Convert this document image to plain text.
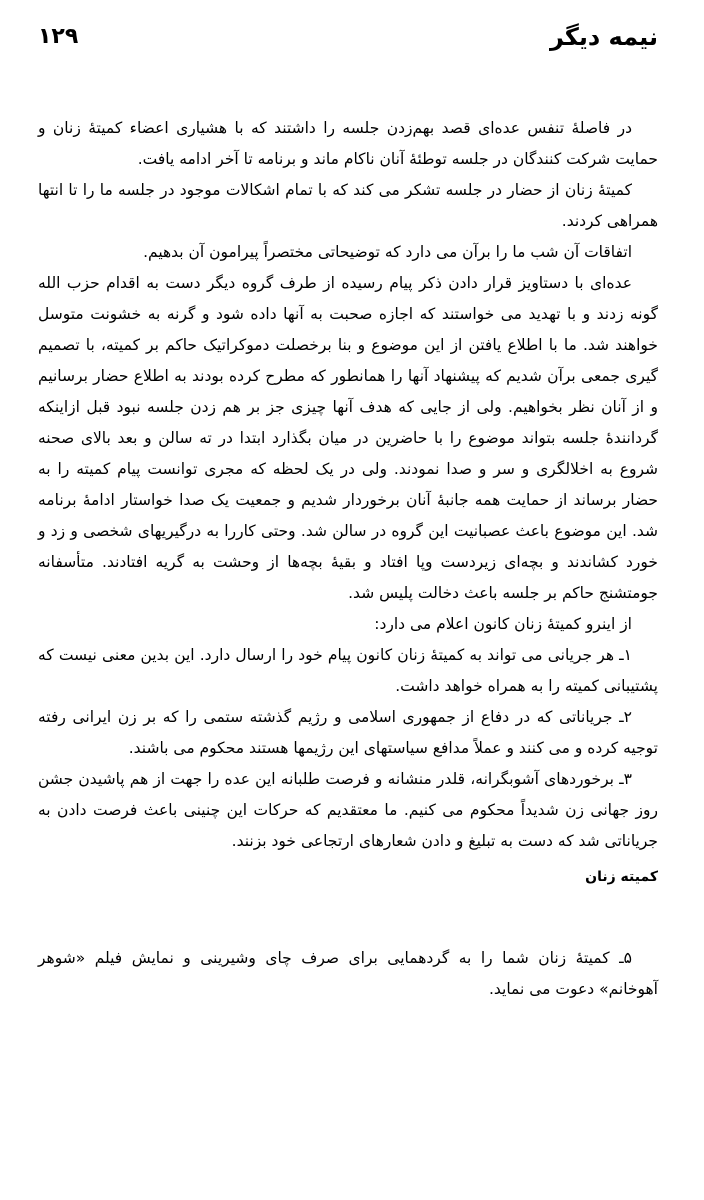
نیمه دیگر
۱۲۹

در فاصلهٔ تنفس عده‌ای قصد بهم‌زدن جلسه را داشتند که با هشیاری اعضاء کمیتهٔ زنان و حمایت شرکت کنندگان در جلسه توطئهٔ آنان ناکام ماند و برنامه تا آخر ادامه یافت.

کمیتهٔ زنان از حضار در جلسه تشکر می کند که با تمام اشکالات موجود در جلسه ما را تا انتها همراهی کردند.

اتفاقات آن شب ما را برآن می دارد که توضیحاتی مختصراً پیرامون آن بدهیم.

عده‌ای با دستاویز قرار دادن ذکر پیام رسیده از طرف گروه دیگر دست به اقدام حزب الله گونه زدند و با تهدید می خواستند که اجازه صحبت به آنها داده شود و گرنه به خشونت متوسل خواهند شد. ما با اطلاع یافتن از این موضوع و بنا برخصلت دموکراتیک حاکم بر کمیته، با تصمیم گیری جمعی برآن شدیم که پیشنهاد آنها را همانطور که مطرح کرده بودند به اطلاع حضار برسانیم و از آنان نظر بخواهیم. ولی از جایی که هدف آنها چیزی جز بر هم زدن جلسه نبود قبل ازاینکه گردانندهٔ جلسه بتواند موضوع را با حاضرین در میان بگذارد ابتدا در ته سالن و بعد بالای صحنه شروع به اخلالگری و سر و صدا نمودند. ولی در یک لحظه که مجری توانست پیام کمیته را به حضار برساند از حمایت همه جانبهٔ آنان برخوردار شدیم و جمعیت یک صدا خواستار ادامهٔ برنامه شد. این موضوع باعث عصبانیت این گروه در سالن شد. وحتی کاررا به درگیریهای شخصی و زد و خورد کشاندند و بچه‌ای زیردست وپا افتاد و بقیهٔ بچه‌ها از وحشت به گریه افتادند. متأسفانه جومتشنج حاکم بر جلسه باعث دخالت پلیس شد.

از اینرو کمیتهٔ زنان کانون اعلام می دارد:

۱ـ هر جریانی می تواند به کمیتهٔ زنان کانون پیام خود را ارسال دارد. این بدین معنی نیست که پشتیبانی کمیته را به همراه خواهد داشت.

۲ـ جریاناتی که در دفاع از جمهوری اسلامی و رژیم گذشته ستمی را که بر زن ایرانی رفته توجیه کرده و می کنند و عملاً مدافع سیاستهای این رژیمها هستند محکوم می باشند.

۳ـ برخوردهای آشوبگرانه، قلدر منشانه و فرصت طلبانه این عده را جهت از هم پاشیدن جشن روز جهانی زن شدیداً محکوم می کنیم. ما معتقدیم که حرکات این چنینی باعث فرصت دادن به جریاناتی شد که دست به تبلیغ و دادن شعارهای ارتجاعی خود بزنند.

کمیته زنان

۵ـ کمیتهٔ زنان شما را به گردهمایی برای صرف چای وشیرینی و نمایش فیلم «شوهر آهوخانم» دعوت می نماید.
